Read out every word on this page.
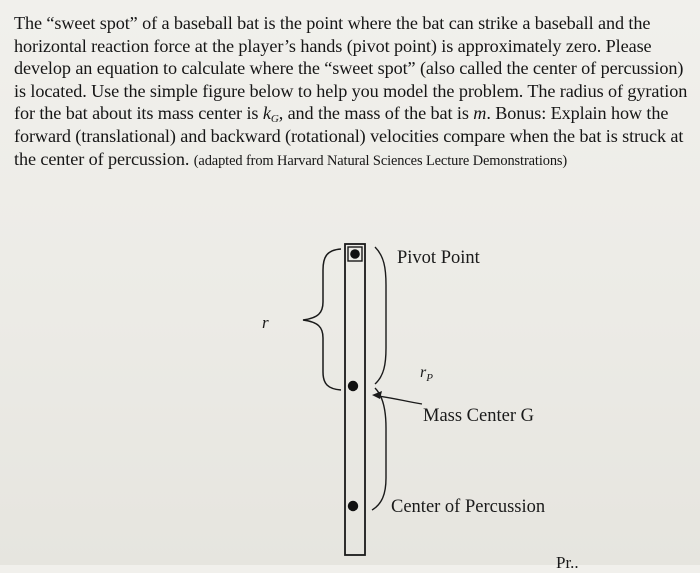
The “sweet spot” of a baseball bat is the point where the bat can strike a baseball and the horizontal reaction force at the player’s hands (pivot point) is approximately zero. Please develop an equation to calculate where the “sweet spot” (also called the center of percussion) is located. Use the simple figure below to help you model the problem. The radius of gyration for the bat about its mass center is $k_G$, and the mass of the bat is m. Bonus: Explain how the forward (translational) and backward (rotational) velocities compare when the bat is struck at the center of percussion. (adapted from Harvard Natural Sciences Lecture Demonstrations)

r
Pivot Point
$r_P$
Mass Center G
Center of Percussion
Pr..
